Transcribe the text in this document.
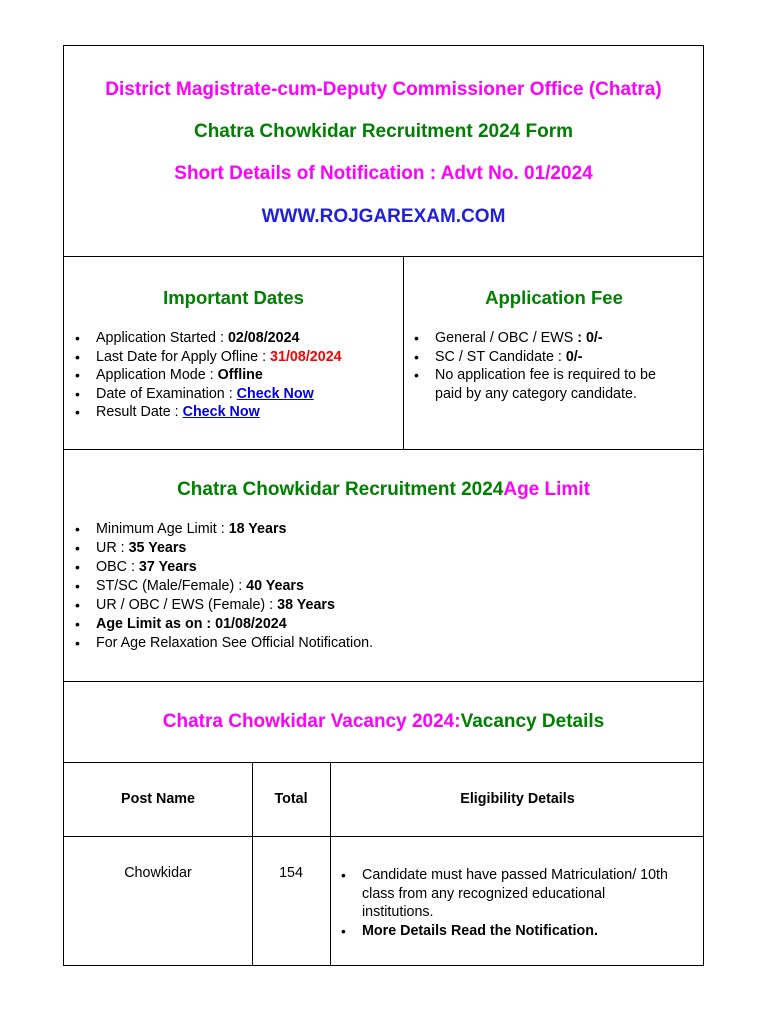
District Magistrate-cum-Deputy Commissioner Office (Chatra)
Chatra Chowkidar Recruitment 2024 Form
Short Details of Notification : Advt No. 01/2024
WWW.ROJGAREXAM.COM
Important Dates
• Application Started : 02/08/2024
• Last Date for Apply Ofline : 31/08/2024
• Application Mode : Offline
• Date of Examination : Check Now
• Result Date : Check Now
Application Fee
• General / OBC / EWS : 0/-
• SC / ST Candidate : 0/-
• No application fee is required to be
paid by any category candidate.
Chatra Chowkidar Recruitment 2024Age Limit
• Minimum Age Limit : 18 Years
• UR : 35 Years
• OBC : 37 Years
• ST/SC (Male/Female) : 40 Years
• UR / OBC / EWS (Female) : 38 Years
• Age Limit as on : 01/08/2024
• For Age Relaxation See Official Notification.
Chatra Chowkidar Vacancy 2024:Vacancy Details
Post Name	Total	Eligibility Details
Chowkidar	154	• Candidate must have passed Matriculation/ 10th
class from any recognized educational
institutions.
• More Details Read the Notification.
